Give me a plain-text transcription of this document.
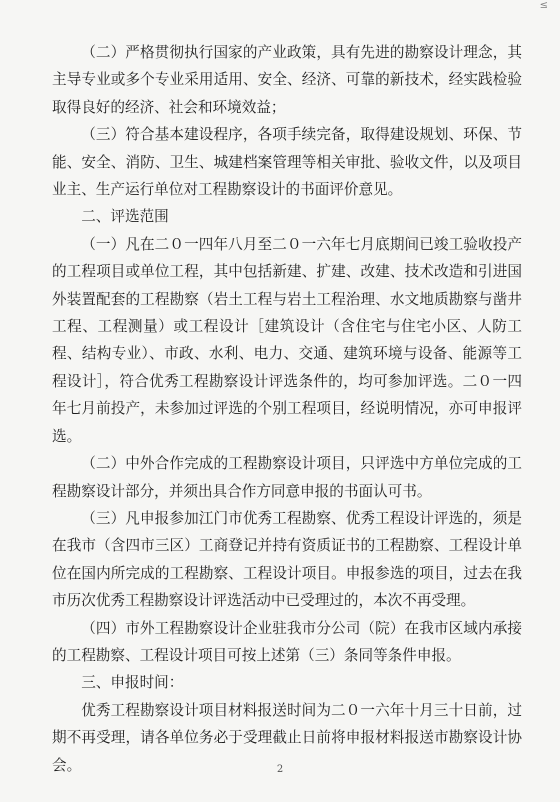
≤

（二）严格贯彻执行国家的产业政策，具有先进的勘察设计理念，其主导专业或多个专业采用适用、安全、经济、可靠的新技术，经实践检验取得良好的经济、社会和环境效益；

（三）符合基本建设程序，各项手续完备，取得建设规划、环保、节能、安全、消防、卫生、城建档案管理等相关审批、验收文件，以及项目业主、生产运行单位对工程勘察设计的书面评价意见。

二、评选范围

（一）凡在二０一四年八月至二０一六年七月底期间已竣工验收投产的工程项目或单位工程，其中包括新建、扩建、改建、技术改造和引进国外装置配套的工程勘察（岩土工程与岩土工程治理、水文地质勘察与凿井工程、工程测量）或工程设计［建筑设计（含住宅与住宅小区、人防工程、结构专业）、市政、水利、电力、交通、建筑环境与设备、能源等工程设计］，符合优秀工程勘察设计评选条件的，均可参加评选。二０一四年七月前投产，未参加过评选的个别工程项目，经说明情况，亦可申报评选。

（二）中外合作完成的工程勘察设计项目，只评选中方单位完成的工程勘察设计部分，并须出具合作方同意申报的书面认可书。

（三）凡申报参加江门市优秀工程勘察、优秀工程设计评选的，须是在我市（含四市三区）工商登记并持有资质证书的工程勘察、工程设计单位在国内所完成的工程勘察、工程设计项目。申报参选的项目，过去在我市历次优秀工程勘察设计评选活动中已受理过的，本次不再受理。

（四）市外工程勘察设计企业驻我市分公司（院）在我市区域内承接的工程勘察、工程设计项目可按上述第（三）条同等条件申报。

三、申报时间：

优秀工程勘察设计项目材料报送时间为二０一六年十月三十日前，过期不再受理，请各单位务必于受理截止日前将申报材料报送市勘察设计协会。	2
